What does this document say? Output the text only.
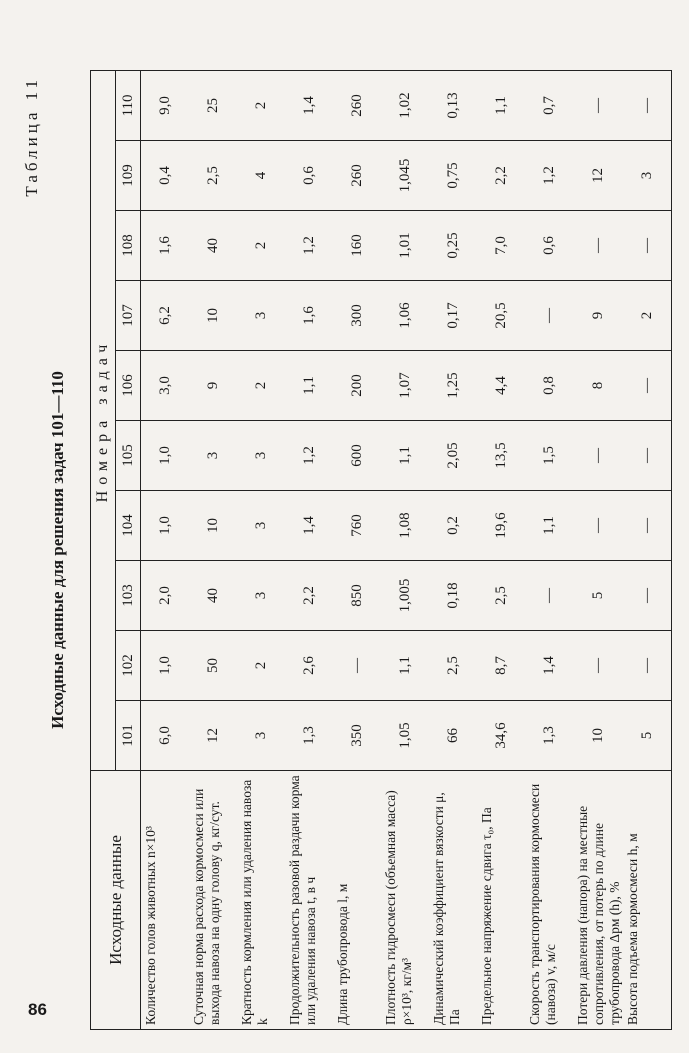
Таблица 11
Исходные данные для решения задач 101—110
Исходные данные	Номера задач									
	101	102	103	104	105	106	107	108	109	110
Количество голов животных n×10³	6,0	1,0	2,0	1,0	1,0	3,0	6,2	1,6	0,4	9,0
Суточная норма расхода кормосмеси или выхода навоза на одну голову q, кг/сут.	12	50	40	10	3	9	10	40	2,5	25
Кратность кормления или удаления навоза k	3	2	3	3	3	2	3	2	4	2
Продолжительность разовой раздачи корма или удаления навоза t, в ч	1,3	2,6	2,2	1,4	1,2	1,1	1,6	1,2	0,6	1,4
Длина трубопровода l, м	350	—	850	760	600	200	300	160	260	260
Плотность гидросмеси (объемная масса) ρ×10³, кг/м³	1,05	1,1	1,005	1,08	1,1	1,07	1,06	1,01	1,045	1,02
Динамический коэффициент вязкости μ, Па	66	2,5	0,18	0,2	2,05	1,25	0,17	0,25	0,75	0,13
Предельное напряжение сдвига τ₀, Па	34,6	8,7	2,5	19,6	13,5	4,4	20,5	7,0	2,2	1,1
Скорость транспортирования кормосмеси (навоза) v, м/с	1,3	1,4	—	1,1	1,5	0,8	—	0,6	1,2	0,7
Потери давления (напора) на местные сопротивления, от потерь по длине трубопровода Δpм (h), %	10	—	5	—	—	8	9	—	12	—
Высота подъема кормосмеси h, м	5	—	—	—	—	—	2	—	3	—
86
